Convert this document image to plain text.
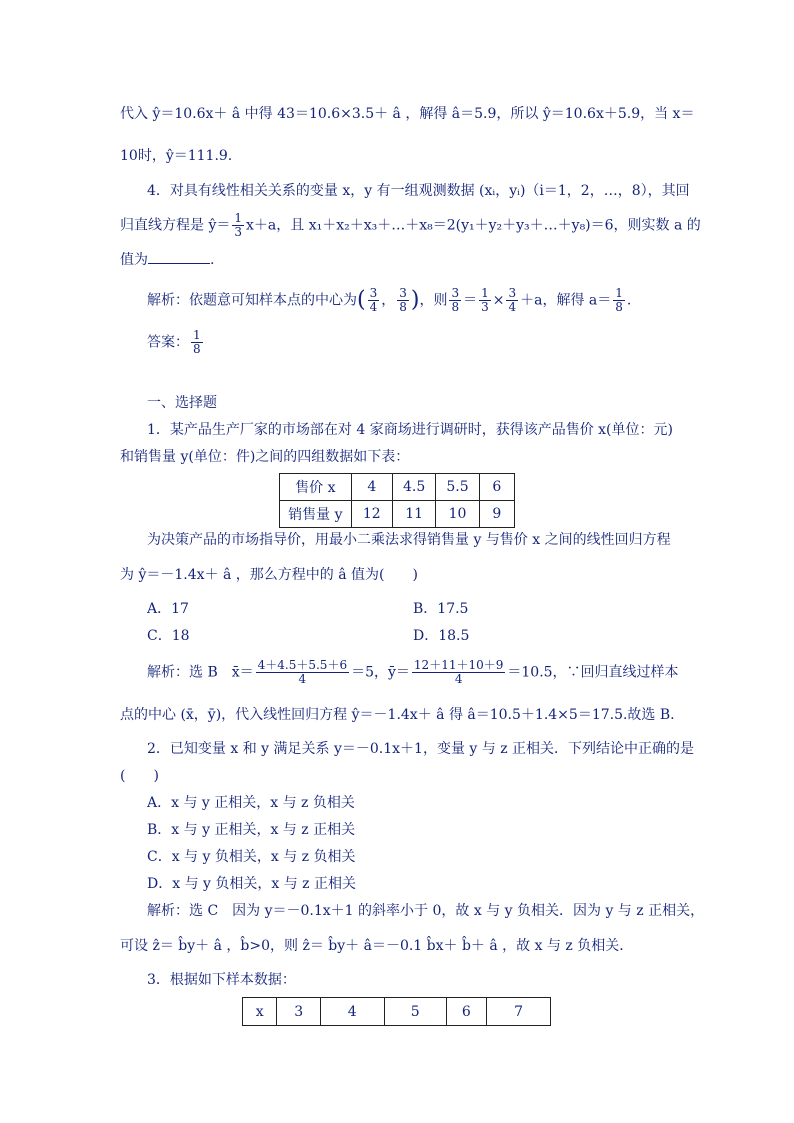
代入 ŷ＝10.6x＋ â 中得 43＝10.6×3.5＋ â ，解得 â＝5.9，所以 ŷ＝10.6x＋5.9，当 x＝
10时，ŷ＝111.9.
4．对具有线性相关关系的变量 x，y 有一组观测数据 (xᵢ，yᵢ)（i＝1，2，…，8），其回
归直线方程是 ŷ＝ $\frac{1}{3} x+a$，且 x₁＋x₂＋x₃＋…＋x₈＝2(y₁＋y₂＋y₃＋…＋y₈)＝6，则实数 a 的
值为	.
解析：依题意可知样本点的中心为( $\frac{3}{4}$ ， $\frac{3}{8}$ )，则 $\frac{3}{8} = \frac{1}{3} \times \frac{3}{4} +a$，解得 $a= \frac{1}{8}$ .
答案： $\frac{1}{8}$
一、选择题
1．某产品生产厂家的市场部在对 4 家商场进行调研时，获得该产品售价 x(单位：元)
和销售量 y(单位：件)之间的四组数据如下表：
售价 x	4	4.5	5.5	6
销售量 y	12	11	10	9
为决策产品的市场指导价，用最小二乘法求得销售量 y 与售价 x 之间的线性回归方程
为 ŷ＝－1.4x＋ â ，那么方程中的 â 值为(　　)
A．17	B．17.5
C．18	D．18.5
解析：选 B　x̄＝ $\frac{4+4.5+5.5+6}{4} =5$，ȳ＝ $\frac{12+11+10+9}{4} =10.5$，∵回归直线过样本
点的中心 (x̄，ȳ)，代入线性回归方程 ŷ＝－1.4x＋ â 得 â＝10.5＋1.4×5＝17.5.故选 B.
2．已知变量 x 和 y 满足关系 y＝－0.1x＋1，变量 y 与 z 正相关．下列结论中正确的是
(　　)
A．x 与 y 正相关，x 与 z 负相关
B．x 与 y 正相关，x 与 z 正相关
C．x 与 y 负相关，x 与 z 负相关
D．x 与 y 负相关，x 与 z 正相关
解析：选 C　因为 y＝－0.1x＋1 的斜率小于 0，故 x 与 y 负相关．因为 y 与 z 正相关，
可设 ẑ＝ b̂y＋ â ，b̂>0，则 ẑ＝ b̂y＋ â＝－0.1 b̂x＋ b̂＋ â ，故 x 与 z 负相关．
3．根据如下样本数据：
x	3	4	5	6	7
